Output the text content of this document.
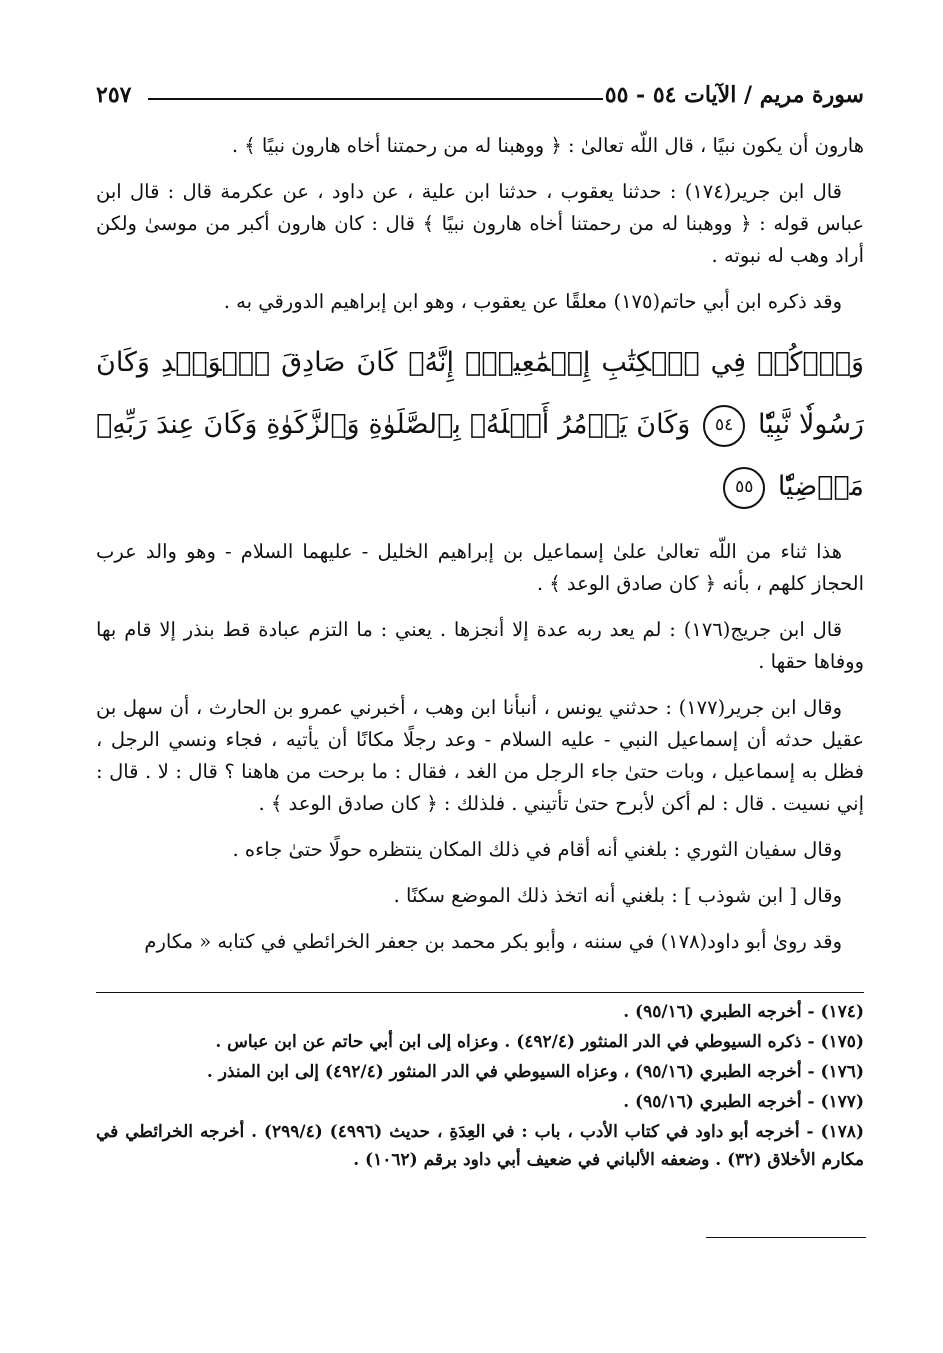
سورة مريم / الآيات ٥٤ - ٥٥
٢٥٧

هارون أن يكون نبيًا ، قال اللّه تعالىٰ : ﴿ ووهبنا له من رحمتنا أخاه هارون نبيًا ﴾ .

قال ابن جرير(١٧٤) : حدثنا يعقوب ، حدثنا ابن علية ، عن داود ، عن عكرمة قال : قال ابن عباس قوله : ﴿ ووهبنا له من رحمتنا أخاه هارون نبيًا ﴾ قال : كان هارون أكبر من موسىٰ ولكن أراد وهب له نبوته .

وقد ذكره ابن أبي حاتم(١٧٥) معلقًا عن يعقوب ، وهو ابن إبراهيم الدورقي به .

وَٱذۡكُرۡ فِي ٱلۡكِتَٰبِ إِسۡمَٰعِيلَۚ إِنَّهُۥ كَانَ صَادِقَ ٱلۡوَعۡدِ وَكَانَ رَسُولٗا نَّبِيّٗا ٥٤ وَكَانَ يَأۡمُرُ أَهۡلَهُۥ بِٱلصَّلَوٰةِ وَٱلزَّكَوٰةِ وَكَانَ عِندَ رَبِّهِۦ مَرۡضِيّٗا ٥٥

هذا ثناء من اللّه تعالىٰ علىٰ إسماعيل بن إبراهيم الخليل - عليهما السلام - وهو والد عرب الحجاز كلهم ، بأنه ﴿ كان صادق الوعد ﴾ .

قال ابن جريج(١٧٦) : لم يعد ربه عدة إلا أنجزها . يعني : ما التزم عبادة قط بنذر إلا قام بها ووفاها حقها .

وقال ابن جرير(١٧٧) : حدثني يونس ، أنبأنا ابن وهب ، أخبرني عمرو بن الحارث ، أن سهل بن عقيل حدثه أن إسماعيل النبي - عليه السلام - وعد رجلًا مكانًا أن يأتيه ، فجاء ونسي الرجل ، فظل به إسماعيل ، وبات حتىٰ جاء الرجل من الغد ، فقال : ما برحت من هاهنا ؟ قال : لا . قال : إني نسيت . قال : لم أكن لأبرح حتىٰ تأتيني . فلذلك : ﴿ كان صادق الوعد ﴾ .

وقال سفيان الثوري : بلغني أنه أقام في ذلك المكان ينتظره حولًا حتىٰ جاءه .

وقال [ ابن شوذب ] : بلغني أنه اتخذ ذلك الموضع سكنًا .

وقد روىٰ أبو داود(١٧٨) في سننه ، وأبو بكر محمد بن جعفر الخرائطي في كتابه « مكارم

(١٧٤) - أخرجه الطبري (٩٥/١٦) .

(١٧٥) - ذكره السيوطي في الدر المنثور (٤٩٢/٤) . وعزاه إلى ابن أبي حاتم عن ابن عباس .

(١٧٦) - أخرجه الطبري (٩٥/١٦) ، وعزاه السيوطي في الدر المنثور (٤٩٢/٤) إلى ابن المنذر .

(١٧٧) - أخرجه الطبري (٩٥/١٦) .

(١٧٨) - أخرجه أبو داود في كتاب الأدب ، باب : في العِدَةِ ، حديث (٤٩٩٦) (٢٩٩/٤) . أخرجه الخرائطي في مكارم الأخلاق (٣٢) . وضعفه الألباني في ضعيف أبي داود برقم (١٠٦٢) .
